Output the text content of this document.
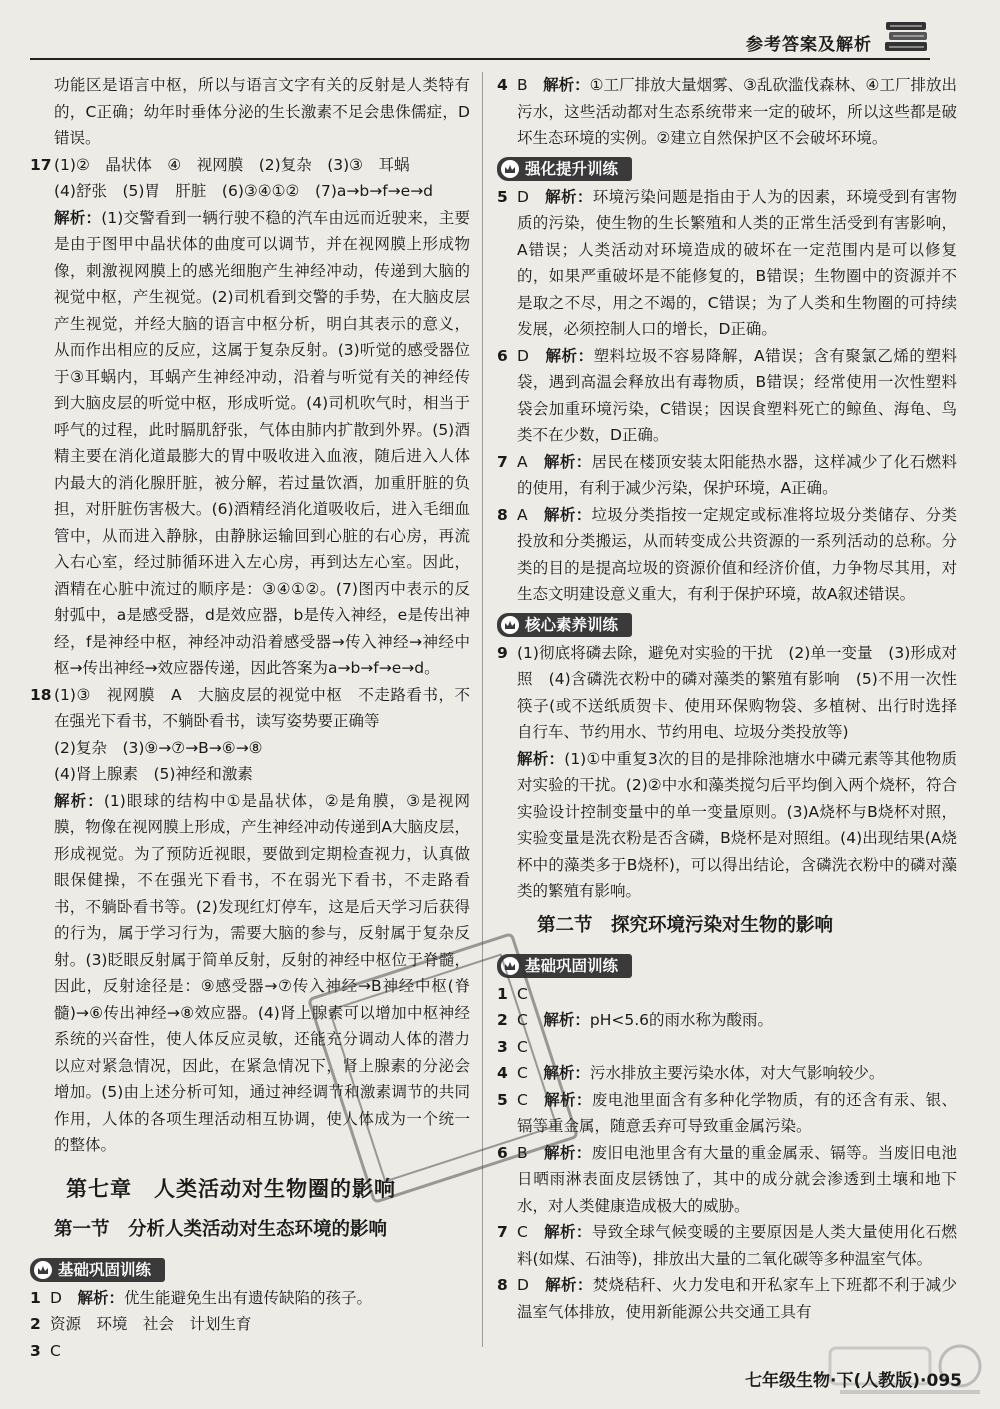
参考答案及解析

功能区是语言中枢，所以与语言文字有关的反射是人类特有的，C正确；幼年时垂体分泌的生长激素不足会患侏儒症，D错误。

17 (1)②　晶状体　④　视网膜　(2)复杂　(3)③　耳蜗

(4)舒张　(5)胃　肝脏　(6)③④①②　(7)a→b→f→e→d

解析：(1)交警看到一辆行驶不稳的汽车由远而近驶来，主要是由于图甲中晶状体的曲度可以调节，并在视网膜上形成物像，刺激视网膜上的感光细胞产生神经冲动，传递到大脑的视觉中枢，产生视觉。(2)司机看到交警的手势，在大脑皮层产生视觉，并经大脑的语言中枢分析，明白其表示的意义，从而作出相应的反应，这属于复杂反射。(3)听觉的感受器位于③耳蜗内，耳蜗产生神经冲动，沿着与听觉有关的神经传到大脑皮层的听觉中枢，形成听觉。(4)司机吹气时，相当于呼气的过程，此时膈肌舒张，气体由肺内扩散到外界。(5)酒精主要在消化道最膨大的胃中吸收进入血液，随后进入人体内最大的消化腺肝脏，被分解，若过量饮酒，加重肝脏的负担，对肝脏伤害极大。(6)酒精经消化道吸收后，进入毛细血管中，从而进入静脉，由静脉运输回到心脏的右心房，再流入右心室，经过肺循环进入左心房，再到达左心室。因此，酒精在心脏中流过的顺序是：③④①②。(7)图丙中表示的反射弧中，a是感受器，d是效应器，b是传入神经，e是传出神经，f是神经中枢，神经冲动沿着感受器→传入神经→神经中枢→传出神经→效应器传递，因此答案为a→b→f→e→d。

18 (1)③　视网膜　A　大脑皮层的视觉中枢　不走路看书，不在强光下看书，不躺卧看书，读写姿势要正确等

(2)复杂　(3)⑨→⑦→B→⑥→⑧

(4)肾上腺素　(5)神经和激素

解析：(1)眼球的结构中①是晶状体，②是角膜，③是视网膜，物像在视网膜上形成，产生神经冲动传递到A大脑皮层，形成视觉。为了预防近视眼，要做到定期检查视力，认真做眼保健操，不在强光下看书，不在弱光下看书，不走路看书，不躺卧看书等。(2)发现红灯停车，这是后天学习后获得的行为，属于学习行为，需要大脑的参与，反射属于复杂反射。(3)眨眼反射属于简单反射，反射的神经中枢位于脊髓，因此，反射途径是：⑨感受器→⑦传入神经→B神经中枢(脊髓)→⑥传出神经→⑧效应器。(4)肾上腺素可以增加中枢神经系统的兴奋性，使人体反应灵敏，还能充分调动人体的潜力以应对紧急情况，因此，在紧急情况下，肾上腺素的分泌会增加。(5)由上述分析可知，通过神经调节和激素调节的共同作用，人体的各项生理活动相互协调，使人体成为一个统一的整体。

第七章　人类活动对生物圈的影响
第一节　分析人类活动对生态环境的影响
基础巩固训练
1 D　 解析：优生能避免生出有遗传缺陷的孩子。

2 资源　环境　社会　计划生育

3 C

4 B　 解析：①工厂排放大量烟雾、③乱砍滥伐森林、④工厂排放出污水，这些活动都对生态系统带来一定的破坏，所以这些都是破坏生态环境的实例。②建立自然保护区不会破坏环境。

强化提升训练
5 D　 解析：环境污染问题是指由于人为的因素，环境受到有害物质的污染，使生物的生长繁殖和人类的正常生活受到有害影响，A错误；人类活动对环境造成的破坏在一定范围内是可以修复的，如果严重破坏是不能修复的，B错误；生物圈中的资源并不是取之不尽，用之不竭的，C错误；为了人类和生物圈的可持续发展，必须控制人口的增长，D正确。

6 D　 解析：塑料垃圾不容易降解，A错误；含有聚氯乙烯的塑料袋，遇到高温会释放出有毒物质，B错误；经常使用一次性塑料袋会加重环境污染，C错误；因误食塑料死亡的鲸鱼、海龟、鸟类不在少数，D正确。

7 A　 解析：居民在楼顶安装太阳能热水器，这样减少了化石燃料的使用，有利于减少污染，保护环境，A正确。

8 A　 解析：垃圾分类指按一定规定或标准将垃圾分类储存、分类投放和分类搬运，从而转变成公共资源的一系列活动的总称。分类的目的是提高垃圾的资源价值和经济价值，力争物尽其用，对生态文明建设意义重大，有利于保护环境，故A叙述错误。

核心素养训练
9 (1)彻底将磷去除，避免对实验的干扰　(2)单一变量　(3)形成对照　(4)含磷洗衣粉中的磷对藻类的繁殖有影响　(5)不用一次性筷子(或不送纸质贺卡、使用环保购物袋、多植树、出行时选择自行车、节约用水、节约用电、垃圾分类投放等)

解析：(1)①中重复3次的目的是排除池塘水中磷元素等其他物质对实验的干扰。(2)②中水和藻类搅匀后平均倒入两个烧杯，符合实验设计控制变量中的单一变量原则。(3)A烧杯与B烧杯对照，实验变量是洗衣粉是否含磷，B烧杯是对照组。(4)出现结果(A烧杯中的藻类多于B烧杯)，可以得出结论，含磷洗衣粉中的磷对藻类的繁殖有影响。

第二节　探究环境污染对生物的影响
基础巩固训练
1 C

2 C　 解析：pH<5.6的雨水称为酸雨。

3 C

4 C　 解析：污水排放主要污染水体，对大气影响较少。

5 C　 解析：废电池里面含有多种化学物质，有的还含有汞、银、镉等重金属，随意丢弃可导致重金属污染。

6 B　 解析：废旧电池里含有大量的重金属汞、镉等。当废旧电池日晒雨淋表面皮层锈蚀了，其中的成分就会渗透到土壤和地下水，对人类健康造成极大的威胁。

7 C　 解析：导致全球气候变暖的主要原因是人类大量使用化石燃料(如煤、石油等)，排放出大量的二氧化碳等多种温室气体。

8 D　 解析：焚烧秸秆、火力发电和开私家车上下班都不利于减少温室气体排放，使用新能源公共交通工具有

七年级生物·下(人教版)·095
